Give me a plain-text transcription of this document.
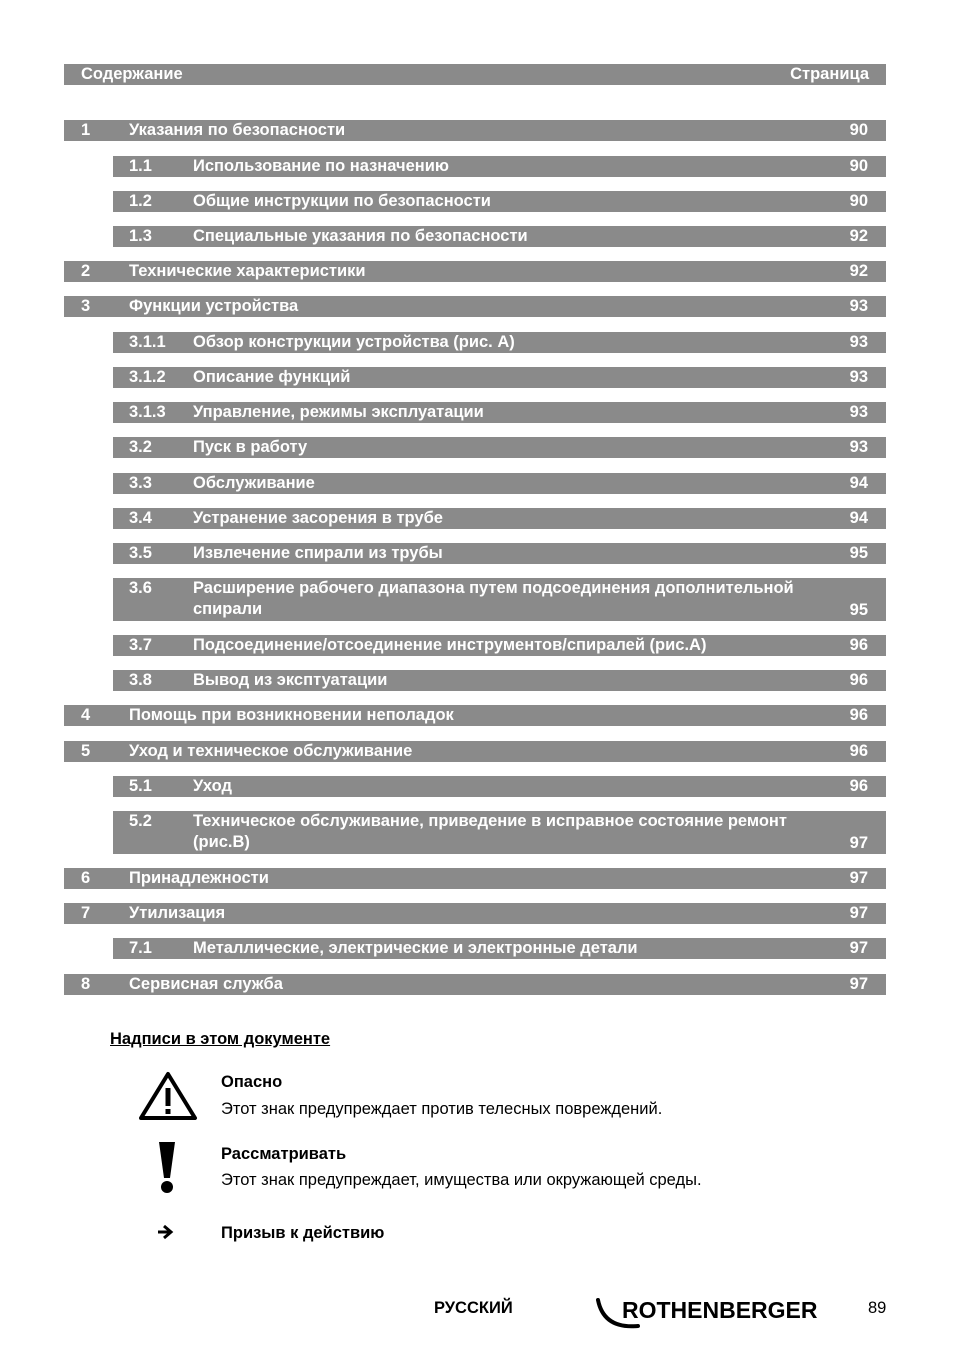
Содержание	Страница
1 Указания по безопасности	90
1.1 Использование по назначению	90
1.2 Общие инструкции по безопасности	90
1.3 Специальные указания по безопасности	92
2 Технические характеристики	92
3 Функции устройства	93
3.1.1 Обзор конструкции устройства (рис. A)	93
3.1.2 Описание функций	93
3.1.3 Управление, режимы эксплуатации	93
3.2 Пуск в работу	93
3.3 Обслуживание	94
3.4 Устранение засорения в трубе	94
3.5 Извлечение спирали из трубы	95
3.6 Расширение рабочего диапазона путем подсоединения дополнительной спирали	95
3.7 Подсоединение/отсоединение инструментов/спиралей (рис.A)	96
3.8 Вывод из эксптуатации	96
4 Помощь при возникновении неполадок	96
5 Уход и техническое обслуживание	96
5.1 Уход	96
5.2 Техническое обслуживание, приведение в исправное состояние ремонт (рис.B)	97
6 Принадлежности	97
7 Утилизация	97
7.1 Металлические, электрические и электронные детали	97
8 Сервисная служба	97
Надписи в этом документе
Опасно
Этот знак предупреждает против телесных повреждений.
Рассматривать
Этот знак предупреждает, имущества или окружающей среды.
Призыв к действию
РУССКИЙ	ROTHENBERGER	89
